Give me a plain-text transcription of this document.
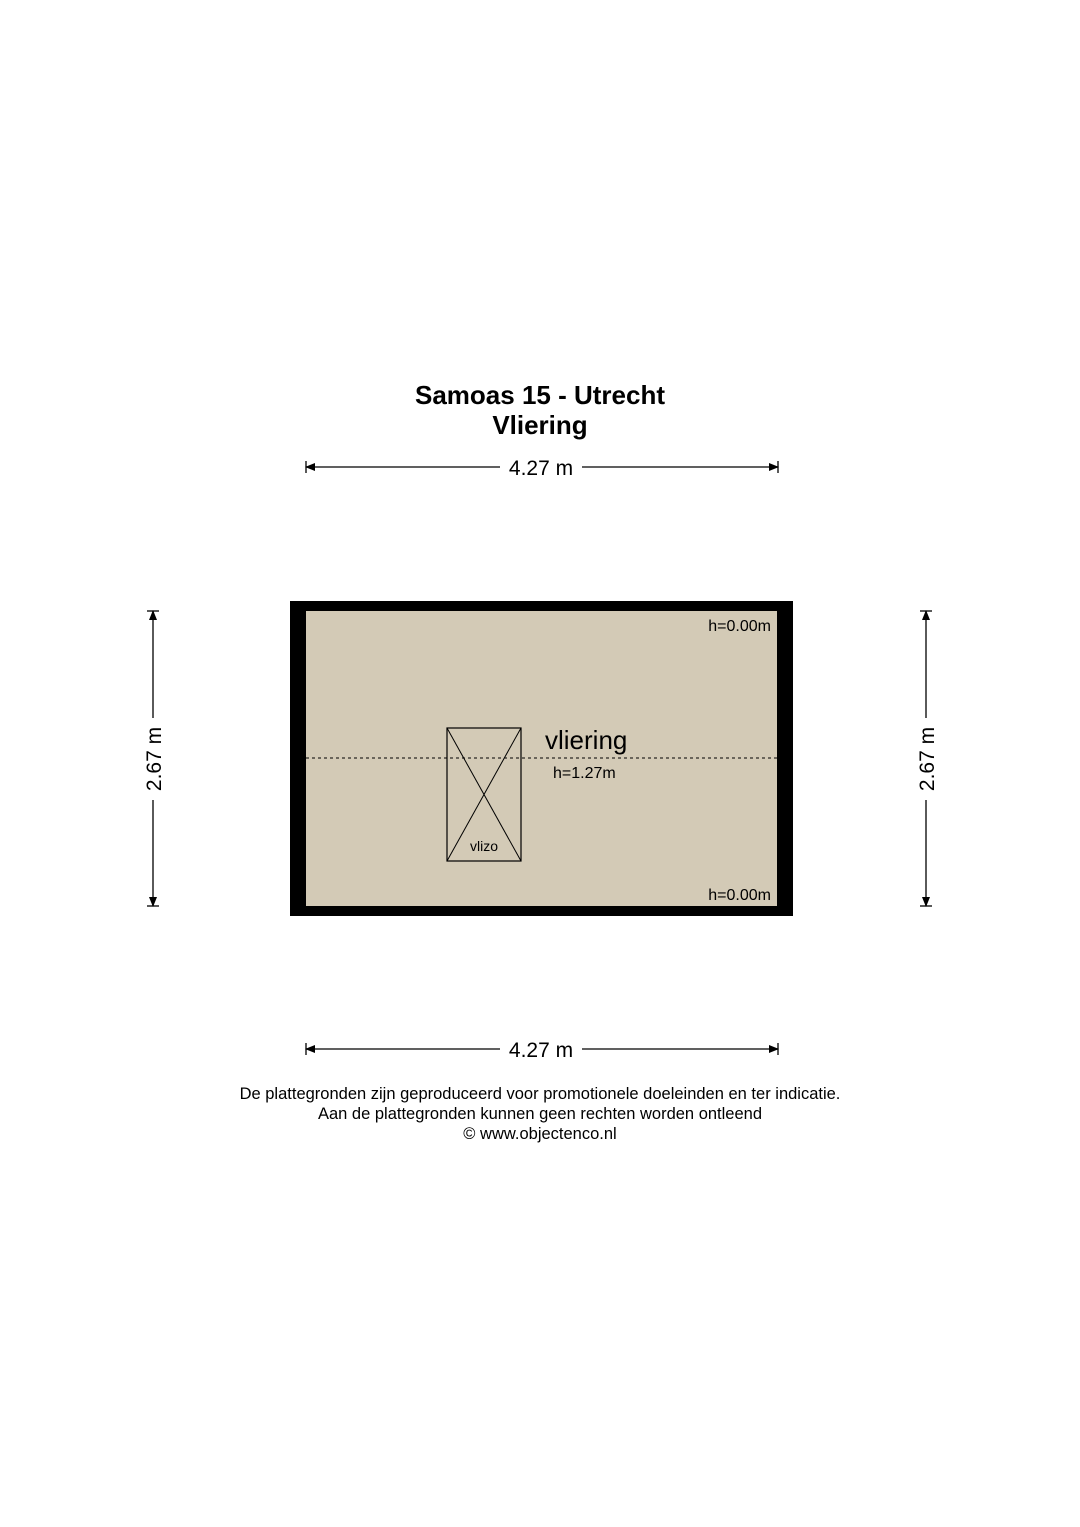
Samoas 15 - Utrecht
Vliering
4.27 m
4.27 m
2.67 m	2.67 m
vlizo
vliering
h=1.27m
h=0.00m
h=0.00m
De plattegronden zijn geproduceerd voor promotionele doeleinden en ter indicatie.
Aan de plattegronden kunnen geen rechten worden ontleend
© www.objectenco.nl
